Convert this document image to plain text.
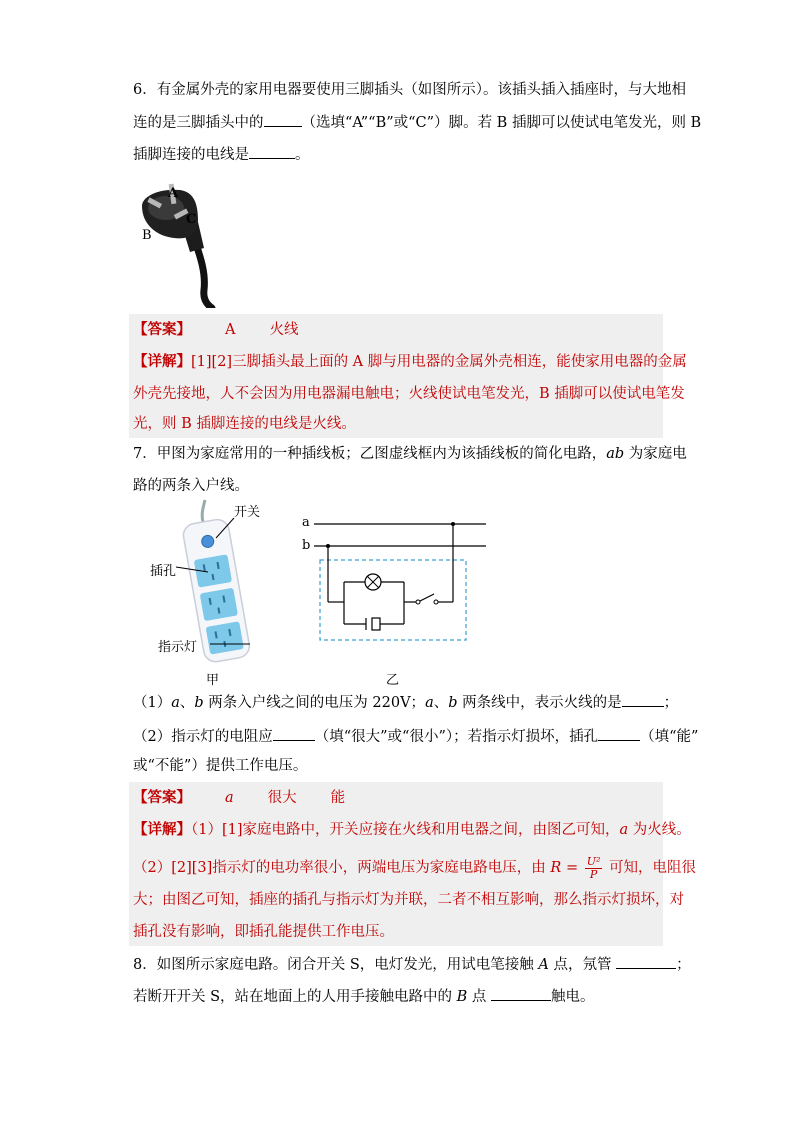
6．有金属外壳的家用电器要使用三脚插头（如图所示）。该插头插入插座时，与大地相
连的是三脚插头中的	（选填“A”“B”或“C”）脚。若 B 插脚可以使试电笔发光，则 B
插脚连接的电线是	。
A
B
C
【答案】 A 火线
【详解】[1][2]三脚插头最上面的 A 脚与用电器的金属外壳相连，能使家用电器的金属
外壳先接地，人不会因为用电器漏电触电；火线使试电笔发光，B 插脚可以使试电笔发
光，则 B 插脚连接的电线是火线。
7．甲图为家庭常用的一种插线板；乙图虚线框内为该插线板的简化电路，ab 为家庭电
路的两条入户线。
开关
插孔
指示灯
甲
a
b
乙
（1）a、b 两条入户线之间的电压为 220V；a、b 两条线中，表示火线的是	；
（2）指示灯的电阻应	（填“很大”或“很小”）；若指示灯损坏，插孔	（填“能”
或“不能”）提供工作电压。
【答案】 a 很大 能
【详解】（1）[1]家庭电路中，开关应接在火线和用电器之间，由图乙可知，a 为火线。
（2）[2][3]指示灯的电功率很小，两端电压为家庭电路电压，由 $R = \frac{\text{U²}}{P}$ 可知，电阻很
大；由图乙可知，插座的插孔与指示灯为并联，二者不相互影响，那么指示灯损坏，对
插孔没有影响，即插孔能提供工作电压。
8．如图所示家庭电路。闭合开关 S，电灯发光，用试电笔接触 A 点，氖管	；
若断开开关 S，站在地面上的人用手接触电路中的 B 点	触电。
